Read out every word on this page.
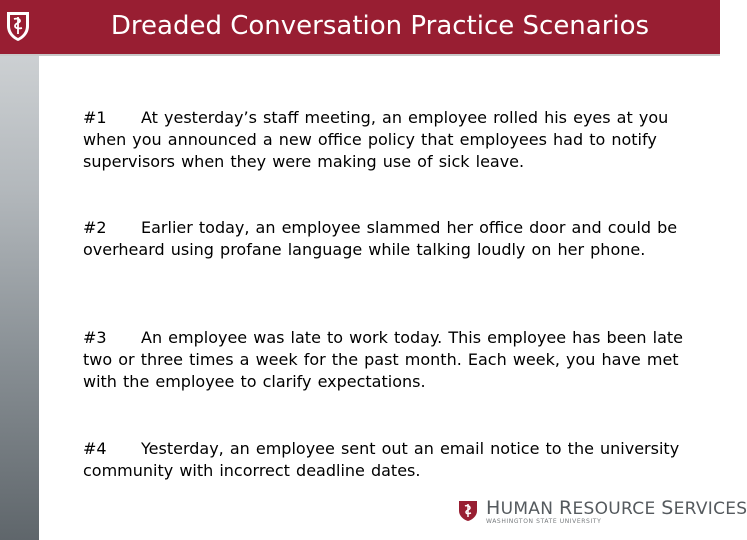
Dreaded Conversation Practice Scenarios

#1 At yesterday’s staff meeting, an employee rolled his eyes at you when you announced a new office policy that employees had to notify supervisors when they were making use of sick leave.

#2 Earlier today, an employee slammed her office door and could be overheard using profane language while talking loudly on her phone.

#3 An employee was late to work today. This employee has been late two or three times a week for the past month. Each week, you have met with the employee to clarify expectations.

#4 Yesterday, an employee sent out an email notice to the university community with incorrect deadline dates.

HUMAN RESOURCE SERVICES
WASHINGTON STATE UNIVERSITY
